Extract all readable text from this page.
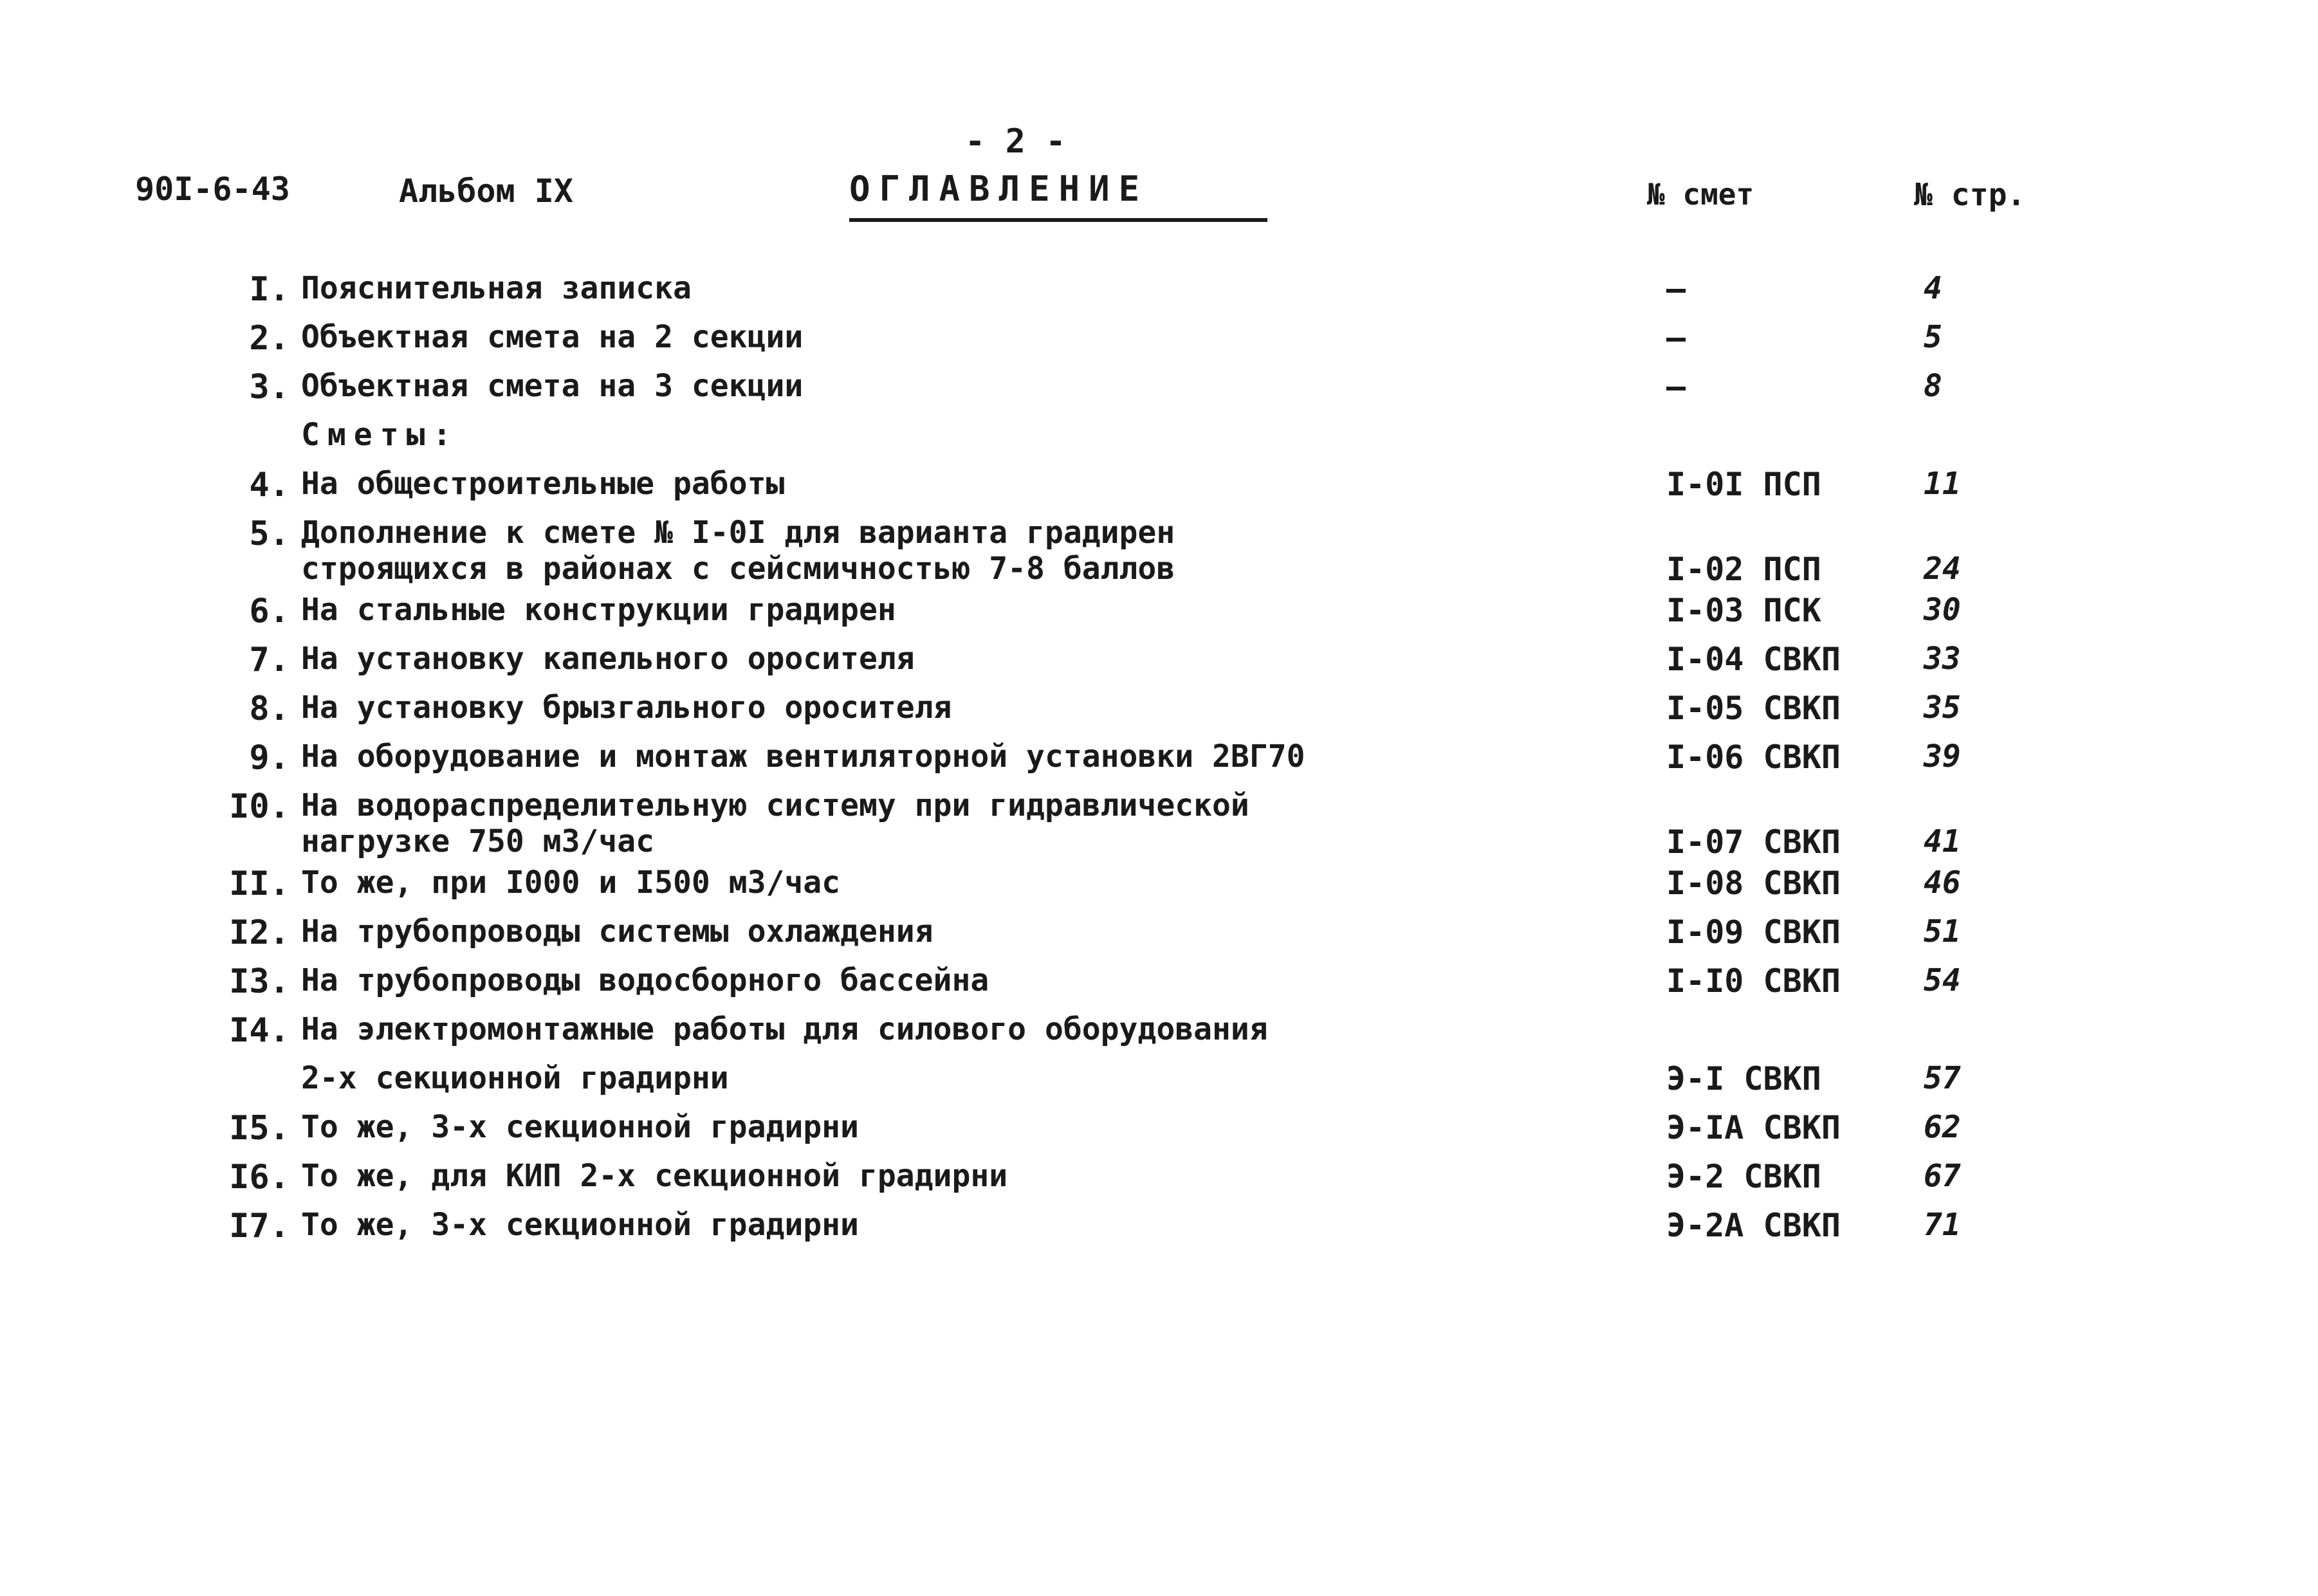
- 2 -
90I-6-43	Альбом IX	ОГЛАВЛЕНИЕ	№ смет	№ стр.
I. Пояснительная записка	–	4
2. Объектная смета на 2 секции	–	5
3. Объектная смета на 3 секции	–	8
Сметы:
4. На общестроительные работы	I-0I ПСП	11
5. Дополнение к смете № I-0I для варианта градирен
строящихся в районах с сейсмичностью 7-8 баллов	I-02 ПСП	24
6. На стальные конструкции градирен	I-03 ПСК	30
7. На установку капельного оросителя	I-04 СВКП	33
8. На установку брызгального оросителя	I-05 СВКП	35
9. На оборудование и монтаж вентиляторной установки 2ВГ70	I-06 СВКП	39
I0. На водораспределительную систему при гидравлической
нагрузке 750 м3/час	I-07 СВКП	41
II. То же, при I000 и I500 м3/час	I-08 СВКП	46
I2. На трубопроводы системы охлаждения	I-09 СВКП	51
I3. На трубопроводы водосборного бассейна	I-I0 СВКП	54
I4. На электромонтажные работы для силового оборудования
2-х секционной градирни	Э-I СВКП	57
I5. То же, 3-х секционной градирни	Э-IA СВКП	62
I6. То же, для КИП 2-х секционной градирни	Э-2 СВКП	67
I7. То же, 3-х секционной градирни	Э-2А СВКП	71
